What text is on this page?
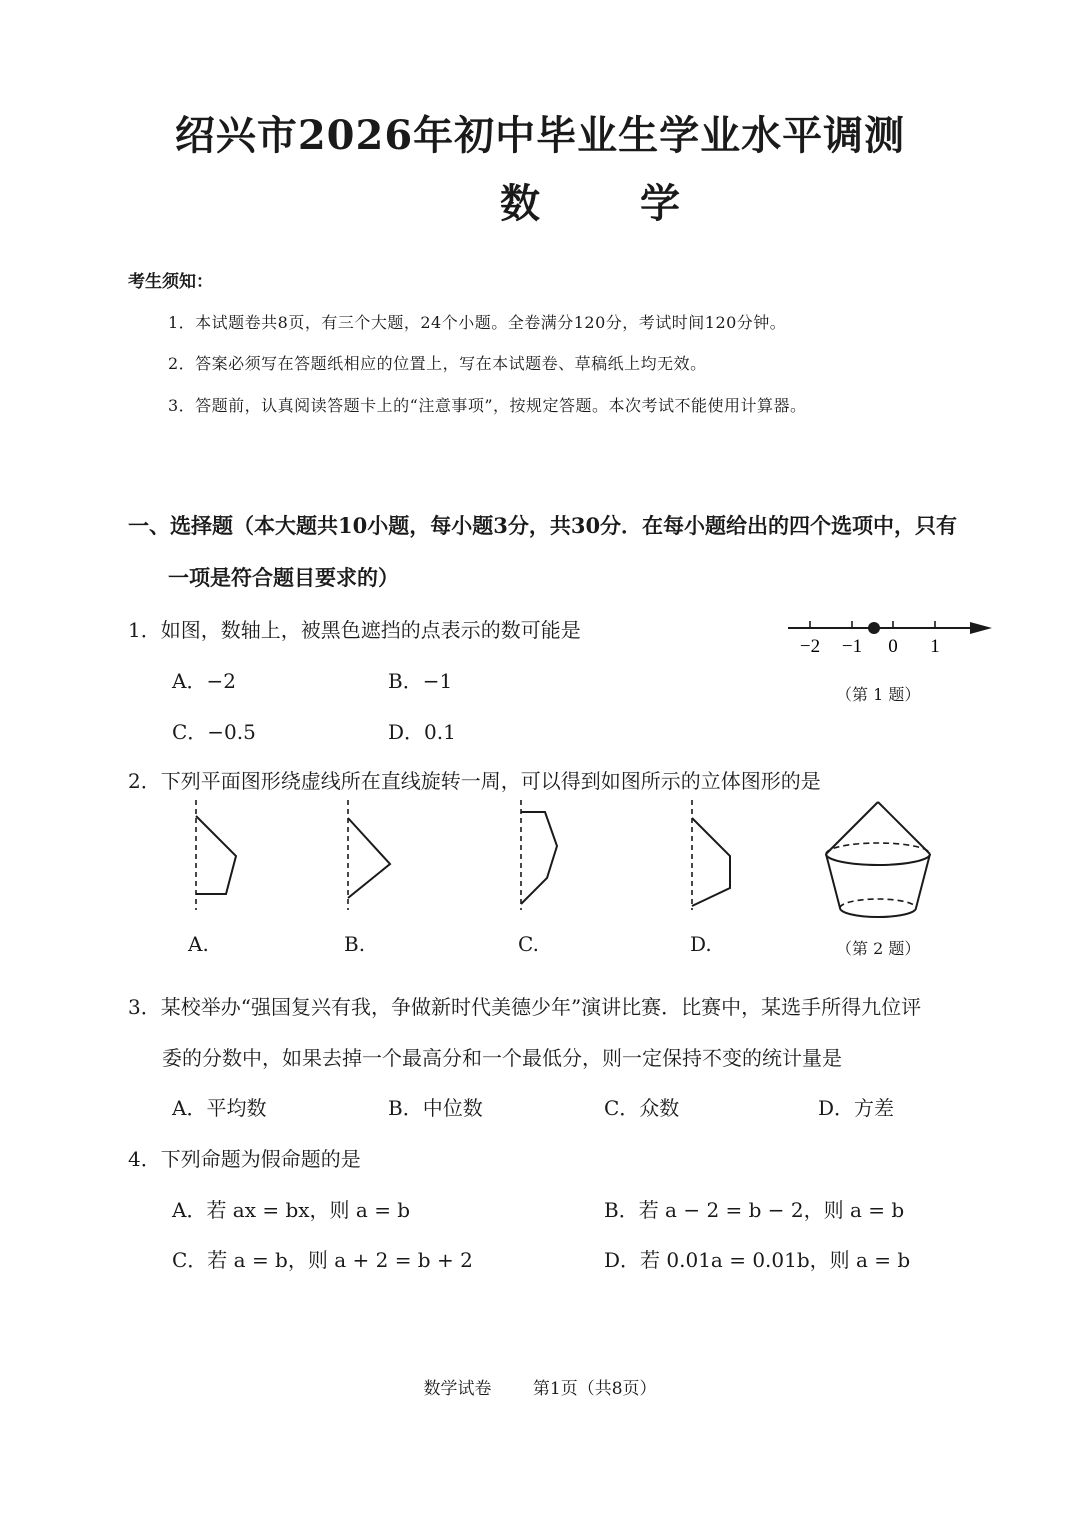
绍兴市2026年初中毕业生学业水平调测
数学
考生须知：
1．本试题卷共8页，有三个大题，24个小题。全卷满分120分，考试时间120分钟。
2．答案必须写在答题纸相应的位置上，写在本试题卷、草稿纸上均无效。
3．答题前，认真阅读答题卡上的“注意事项”，按规定答题。本次考试不能使用计算器。
一、选择题（本大题共10小题，每小题3分，共30分．在每小题给出的四个选项中，只有
一项是符合题目要求的）
1．如图，数轴上，被黑色遮挡的点表示的数可能是
A．−2	B．−1
C．−0.5	D．0.1
−2 −1 0 1
（第 1 题）
2．下列平面图形绕虚线所在直线旋转一周，可以得到如图所示的立体图形的是
A.	B.	C.	D.	（第 2 题）
3．某校举办“强国复兴有我，争做新时代美德少年”演讲比赛．比赛中，某选手所得九位评
委的分数中，如果去掉一个最高分和一个最低分，则一定保持不变的统计量是
A．平均数	B．中位数	C．众数	D．方差
4．下列命题为假命题的是
A．若 ax = bx，则 a = b	B．若 a − 2 = b − 2，则 a = b
C．若 a = b，则 a + 2 = b + 2	D．若 0.01a = 0.01b，则 a = b
数学试卷 第1页（共8页）
